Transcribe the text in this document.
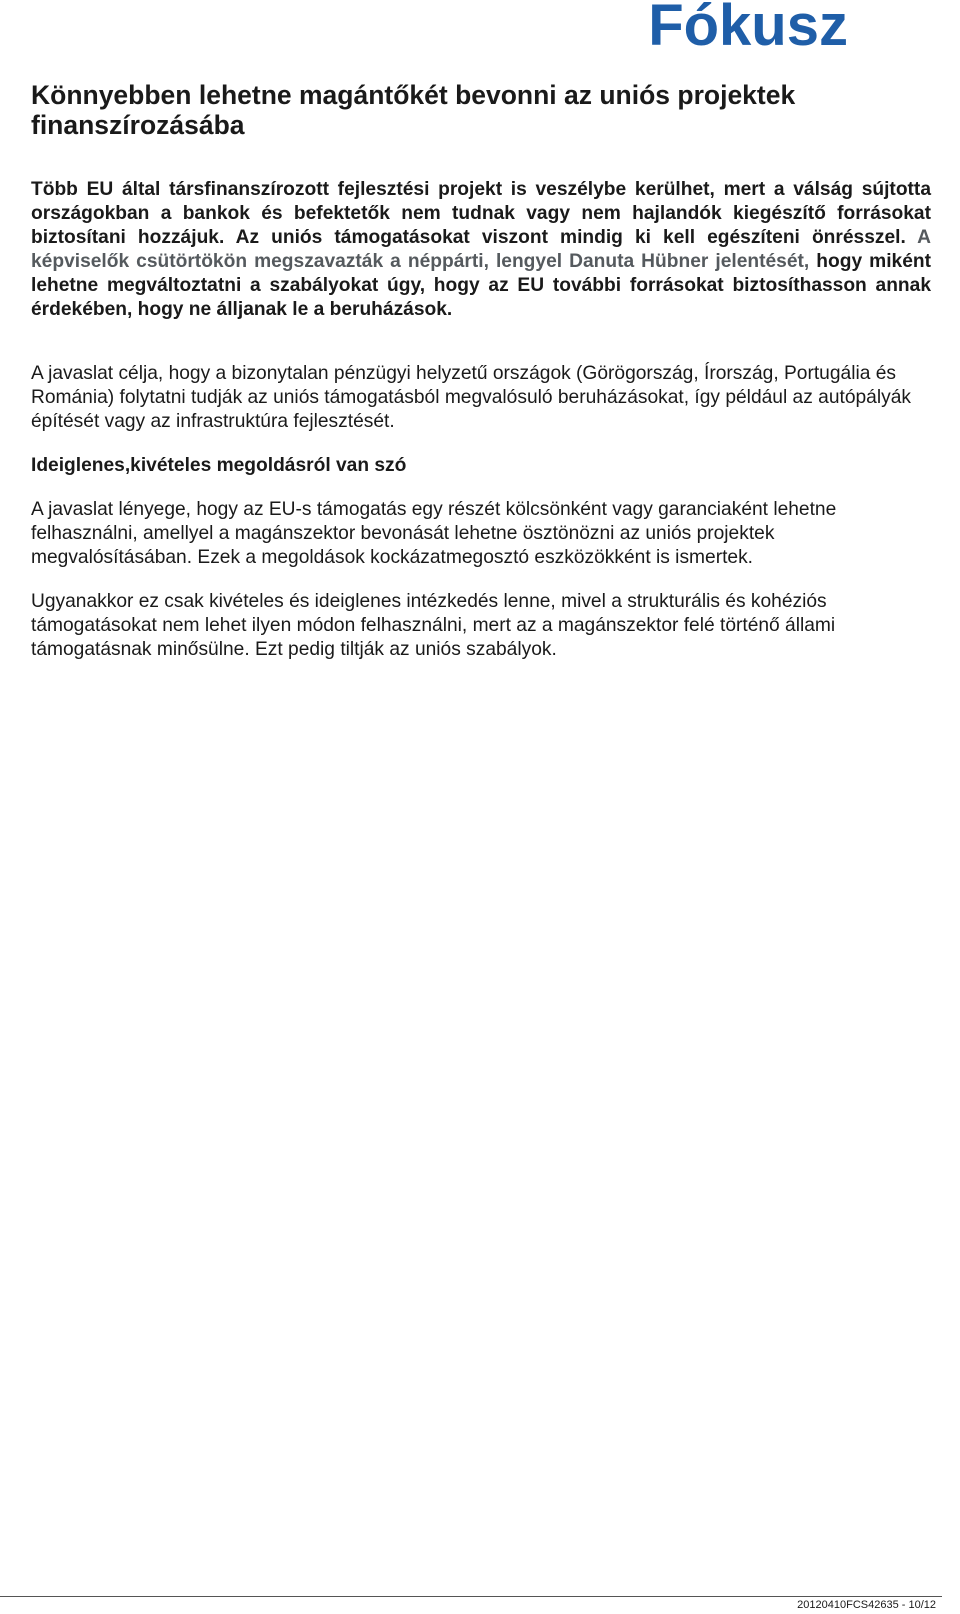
Fókusz
Könnyebben lehetne magántőkét bevonni az uniós projektek finanszírozásába

Több EU által társfinanszírozott fejlesztési projekt is veszélybe kerülhet, mert a válság sújtotta országokban a bankok és befektetők nem tudnak vagy nem hajlandók kiegészítő forrásokat biztosítani hozzájuk. Az uniós támogatásokat viszont mindig ki kell egészíteni önrésszel. A képviselők csütörtökön megszavazták a néppárti, lengyel Danuta Hübner jelentését, hogy miként lehetne megváltoztatni a szabályokat úgy, hogy az EU további forrásokat biztosíthasson annak érdekében, hogy ne álljanak le a beruházások.

A javaslat célja, hogy a bizonytalan pénzügyi helyzetű országok (Görögország, Írország, Portugália és Románia) folytatni tudják az uniós támogatásból megvalósuló beruházásokat, így például az autópályák építését vagy az infrastruktúra fejlesztését.

Ideiglenes,kivételes megoldásról van szó

A javaslat lényege, hogy az EU-s támogatás egy részét kölcsönként vagy garanciaként lehetne felhasználni, amellyel a magánszektor bevonását lehetne ösztönözni az uniós projektek megvalósításában. Ezek a megoldások kockázatmegosztó eszközökként is ismertek.

Ugyanakkor ez csak kivételes és ideiglenes intézkedés lenne, mivel a strukturális és kohéziós támogatásokat nem lehet ilyen módon felhasználni, mert az a magánszektor felé történő állami támogatásnak minősülne. Ezt pedig tiltják az uniós szabályok.

20120410FCS42635 - 10/12
